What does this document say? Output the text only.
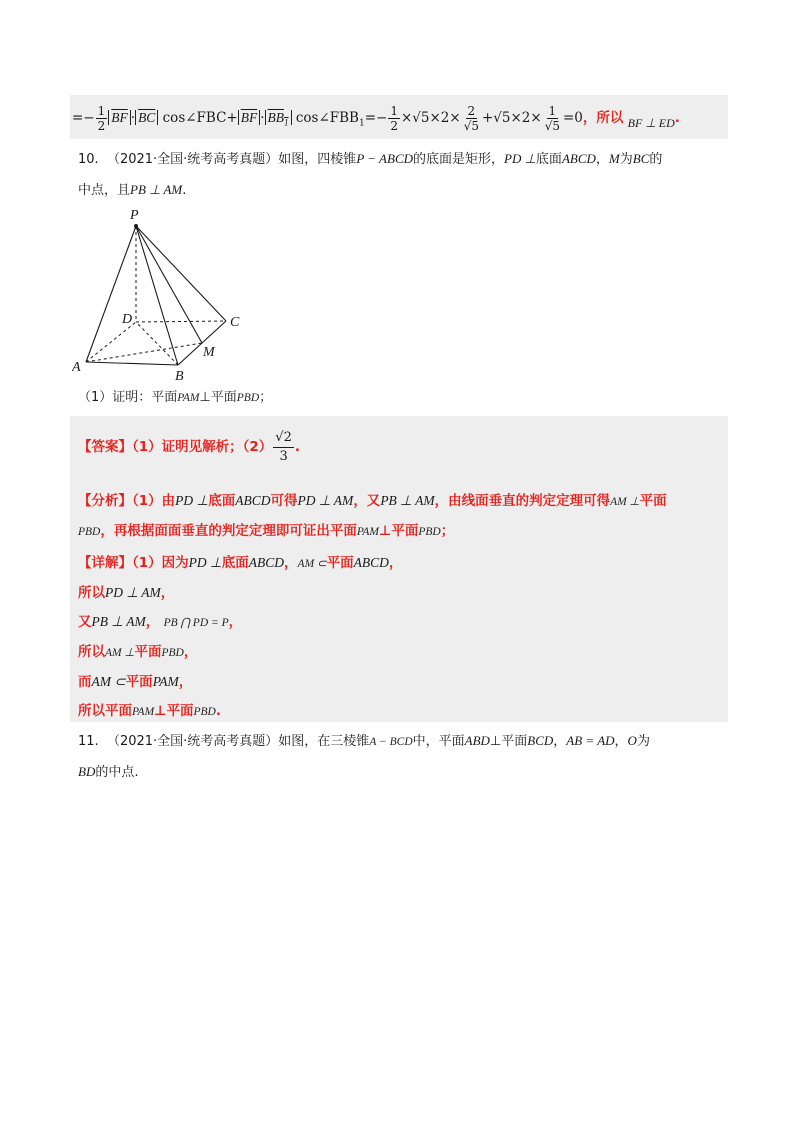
=− $\frac{1}{2} \overline{BF} \cdot \overline{BC}$ cos∠FBC+ $\overline{BF} \cdot BB_1$ $\cos\angle FBB_1=- \frac{1}{2} \times√5\times 2\times \frac{2}{√5} +√5\times 2\times \frac{1}{√5} =0$，所以 BF ⊥ ED.
10. （2021·全国·统考高考真题）如图，四棱锥P − ABCD的底面是矩形，PD ⊥底面ABCD，M为BC的
中点，且PB ⊥ AM.
P
D	C
A
B
M
（1）证明：平面PAM⊥平面PBD；
【答案】（1）证明见解析；$(2) \frac{√2}{3}$ .
【分析】（1）由PD ⊥底面ABCD可得PD ⊥ AM，又PB ⊥ AM，由线面垂直的判定定理可得AM ⊥平面
PBD，再根据面面垂直的判定定理即可证出平面PAM⊥平面PBD；
【详解】（1）因为PD ⊥底面ABCD，AM ⊂平面ABCD，
所以PD ⊥ AM，
又PB ⊥ AM， PB ⋂ PD = P，
所以AM ⊥平面PBD，
而AM ⊂平面PAM，
所以平面PAM⊥平面PBD.
11. （2021·全国·统考高考真题）如图，在三棱锥A − BCD中，平面ABD⊥平面BCD，AB = AD，O为
BD的中点.
